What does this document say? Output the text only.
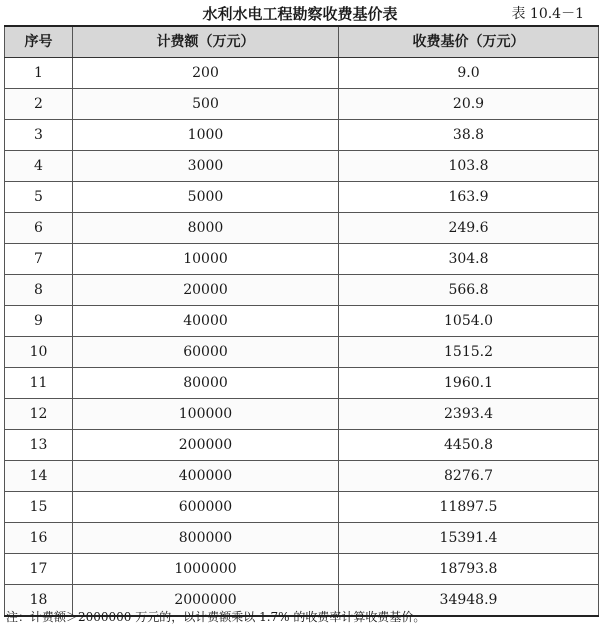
水利水电工程勘察收费基价表	表 10.4－1
序号	计费额（万元）	收费基价（万元）
1	200	9.0
2	500	20.9
3	1000	38.8
4	3000	103.8
5	5000	163.9
6	8000	249.6
7	10000	304.8
8	20000	566.8
9	40000	1054.0
10	60000	1515.2
11	80000	1960.1
12	100000	2393.4
13	200000	4450.8
14	400000	8276.7
15	600000	11897.5
16	800000	15391.4
17	1000000	18793.8
18	2000000	34948.9
注：计费额＞2000000 万元的，以计费额乘以 1.7% 的收费率计算收费基价。
